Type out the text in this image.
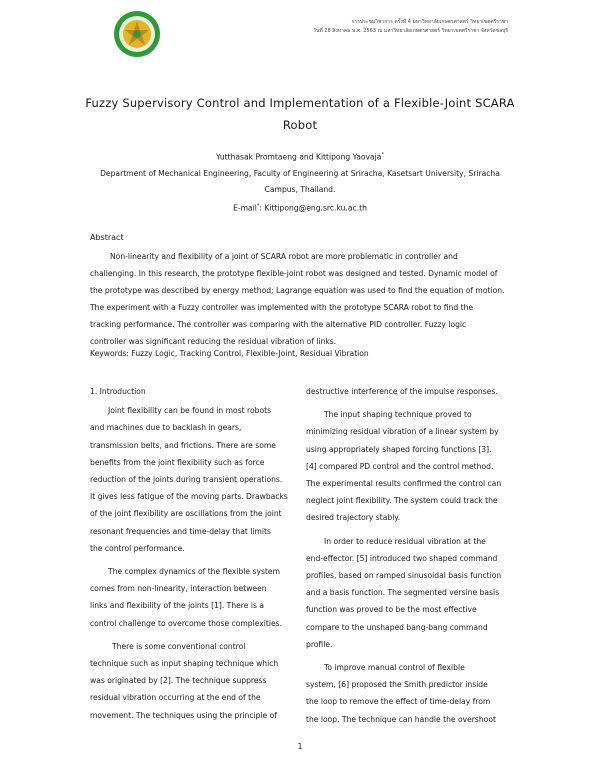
การประชุมวิชาการ ครั้งที่ 4 มหาวิทยาลัยเกษตรศาสตร์ วิทยาเขตศรีราชา
วันที่ 28 สิงหาคม พ.ศ. 2563 ณ มหาวิทยาลัยเกษตรศาสตร์ วิทยาเขตศรีราชา จังหวัดชลบุรี
Fuzzy Supervisory Control and Implementation of a Flexible-Joint SCARA
Robot
Yutthasak Promtaeng and Kittipong Yaovaja*
Department of Mechanical Engineering, Faculty of Engineering at Sriracha, Kasetsart University, Sriracha
Campus, Thailand.
E-mail*: Kittipong@eng.src.ku.ac.th
Abstract
Non-linearity and flexibility of a joint of SCARA robot are more problematic in controller and
challenging. In this research, the prototype flexible-joint robot was designed and tested. Dynamic model of
the prototype was described by energy method; Lagrange equation was used to find the equation of motion.
The experiment with a Fuzzy controller was implemented with the prototype SCARA robot to find the
tracking performance. The controller was comparing with the alternative PID controller. Fuzzy logic
controller was significant reducing the residual vibration of links.
Keywords: Fuzzy Logic, Tracking Control, Flexible-Joint, Residual Vibration
1. Introduction
Joint flexibility can be found in most robots
and machines due to backlash in gears,
transmission belts, and frictions. There are some
benefits from the joint flexibility such as force
reduction of the joints during transient operations.
It gives less fatigue of the moving parts. Drawbacks
of the joint flexibility are oscillations from the joint
resonant frequencies and time-delay that limits
the control performance.
The complex dynamics of the flexible system
comes from non-linearity, interaction between
links and flexibility of the joints [1]. There is a
control challenge to overcome those complexities.
There is some conventional control
technique such as input shaping technique which
was originated by [2]. The technique suppress
residual vibration occurring at the end of the
movement. The techniques using the principle of
destructive interference of the impulse responses.
The input shaping technique proved to
minimizing residual vibration of a linear system by
using appropriately shaped forcing functions [3].
[4] compared PD control and the control method.
The experimental results confirmed the control can
neglect joint flexibility. The system could track the
desired trajectory stably.
In order to reduce residual vibration at the
end-effector. [5] introduced two shaped command
profiles, based on ramped sinusoidal basis function
and a basis function. The segmented versine basis
function was proved to be the most effective
compare to the unshaped bang-bang command
profile.
To improve manual control of flexible
system, [6] proposed the Smith predictor inside
the loop to remove the effect of time-delay from
the loop. The technique can handle the overshoot
1
